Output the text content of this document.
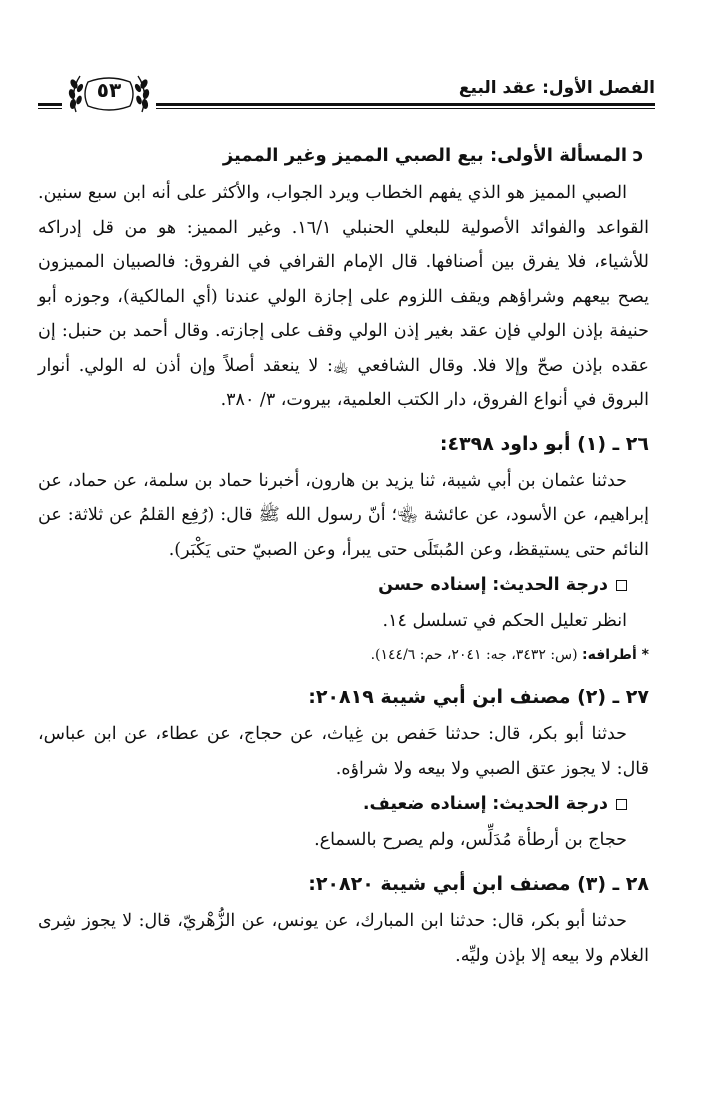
الفصل الأول: عقد البيع
٥٣
ↄالمسألة الأولى: بيع الصبي المميز وغير المميز
الصبي المميز هو الذي يفهم الخطاب ويرد الجواب، والأكثر على أنه ابن سبع سنين. القواعد والفوائد الأصولية للبعلي الحنبلي ١٦/١. وغير المميز: هو من قل إدراكه للأشياء، فلا يفرق بين أصنافها. قال الإمام القرافي في الفروق: فالصبيان المميزون يصح بيعهم وشراؤهم ويقف اللزوم على إجازة الولي عندنا (أي المالكية)، وجوزه أبو حنيفة بإذن الولي فإن عقد بغير إذن الولي وقف على إجازته. وقال أحمد بن حنبل: إن عقده بإذن صحّ وإلا فلا. وقال الشافعي ﵀: لا ينعقد أصلاً وإن أذن له الولي. أنوار البروق في أنواع الفروق، دار الكتب العلمية، بيروت، ٣/ ٣٨٠.
٢٦ ـ (١) أبو داود ٤٣٩٨:
حدثنا عثمان بن أبي شيبة، ثنا يزيد بن هارون، أخبرنا حماد بن سلمة، عن حماد، عن إبراهيم، عن الأسود، عن عائشة ﵄؛ أنّ رسول الله ﷺ قال: (رُفِع القلمُ عن ثلاثة: عن النائم حتى يستيقظ، وعن المُبتَلَى حتى يبرأ، وعن الصبيّ حتى يَكْبَر).
درجة الحديث: إسناده حسن
انظر تعليل الحكم في تسلسل ١٤.
* أطرافه: (س: ٣٤٣٢، جه: ٢٠٤١، حم: ١٤٤/٦).
٢٧ ـ (٢) مصنف ابن أبي شيبة ٢٠٨١٩:
حدثنا أبو بكر، قال: حدثنا حَفص بن غِياث، عن حجاج، عن عطاء، عن ابن عباس، قال: لا يجوز عتق الصبي ولا بيعه ولا شراؤه.
درجة الحديث: إسناده ضعيف.
حجاج بن أرطأة مُدَلِّس، ولم يصرح بالسماع.
٢٨ ـ (٣) مصنف ابن أبي شيبة ٢٠٨٢٠:
حدثنا أبو بكر، قال: حدثنا ابن المبارك، عن يونس، عن الزُّهْريّ، قال: لا يجوز شِرى الغلام ولا بيعه إلا بإذن وليِّه.
